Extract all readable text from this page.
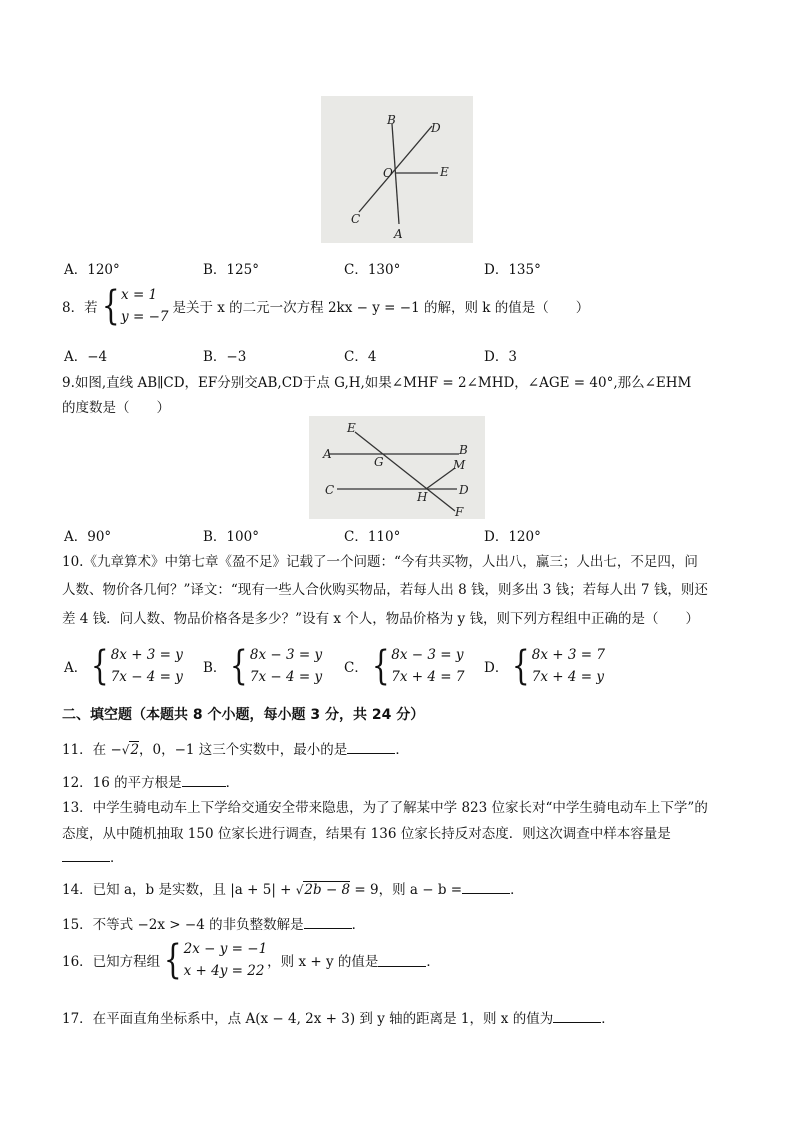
B
D
O	E
C
A
A．120°	B．125°	C．130°	D．135°
8．若 { x = 1
y = −7
是关于 x 的二元一次方程 2kx − y = −1 的解，则 k 的值是（　　）
A．−4	B．−3	C．4	D．3
9.如图,直线 AB∥CD，EF分别交AB,CD于点 G,H,如果∠MHF = 2∠MHD，∠AGE = 40°,那么∠EHM
的度数是（　　）
E
B
A
G	M
C	H	D
F
A．90°	B．100°	C．110°	D．120°
10.《九章算术》中第七章《盈不足》记载了一个问题：“今有共买物，人出八，赢三；人出七，不足四，问
人数、物价各几何？”译文：“现有一些人合伙购买物品，若每人出 8 钱，则多出 3 钱；若每人出 7 钱，则还
差 4 钱．问人数、物品价格各是多少？”设有 x 个人，物品价格为 y 钱，则下列方程组中正确的是（　　）
A． { 8x + 3 = y
7x − 4 = y
B． { 8x − 3 = y
7x − 4 = y
C． { 8x − 3 = y
7x + 4 = 7
D． { 8x + 3 = 7
7x + 4 = y
二、填空题（本题共 8 个小题，每小题 3 分，共 24 分）
11．在 −√2，0，−1 这三个实数中，最小的是	．
12．16 的平方根是	．
13．中学生骑电动车上下学给交通安全带来隐患，为了了解某中学 823 位家长对“中学生骑电动车上下学”的
态度，从中随机抽取 150 位家长进行调查，结果有 136 位家长持反对态度．则这次调查中样本容量是
．
14．已知 a，b 是实数，且 |a + 5| + √2b − 8 = 9，则 a − b =	．
15．不等式 −2x > −4 的非负整数解是	．
16．已知方程组 { 2x − y = −1
x + 4y = 22
，则 x + y 的值是	．
17．在平面直角坐标系中，点 A(x − 4, 2x + 3) 到 y 轴的距离是 1，则 x 的值为	．
